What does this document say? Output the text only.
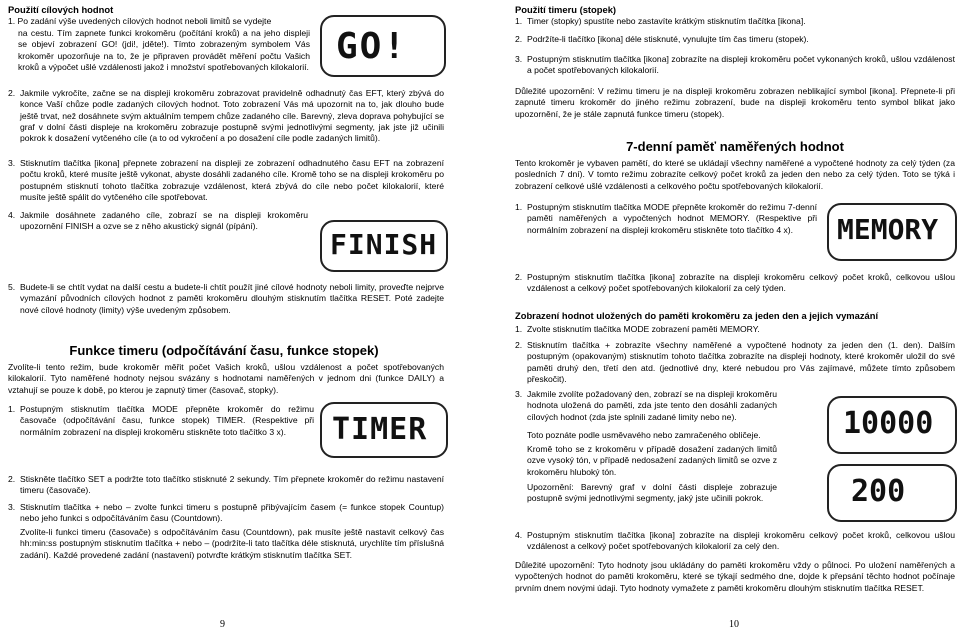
Použití cílových hodnot

1. Po zadání výše uvedených cílových hodnot neboli limitů se vydejte

na cestu. Tím zapnete funkci krokoměru (počítání kroků) a na jeho displeji se objeví zobrazení GO! (jdi!, jděte!). Tímto zobrazeným symbolem Vás krokoměr upozorňuje na to, že je připraven provádět měření počtu Vašich kroků a výpočet ušlé vzdálenosti jakož i množství spotřebovaných kilokalorií.

GO!
2. Jakmile vykročíte, začne se na displeji krokoměru zobrazovat pravidelně odhadnutý čas EFT, který zbývá do konce Vaší chůze podle zadaných cílových hodnot. Toto zobrazení Vás má upozornit na to, jak dlouho bude ještě trvat, než dosáhnete svým aktuálním tempem chůze zadaného cíle. Barevný, zleva doprava pohybující se graf v dolní části displeje na krokoměru zobrazuje postupně svými jednotlivými segmenty, jak jste již učinili pokrok k dosažení vytčeného cíle (a to od vykročení a po dosažení cíle podle zadaných limitů).

3. Stisknutím tlačítka [ikona] přepnete zobrazení na displeji ze zobrazení odhadnutého času EFT na zobrazení počtu kroků, které musíte ještě vykonat, abyste dosáhli zadaného cíle. Kromě toho se na displeji krokoměru po postupném stisknutí tohoto tlačítka zobrazuje vzdálenost, která zbývá do cíle nebo počet kilokalorií, které musíte ještě spálit do vytčeného cíle spotřebovat.

4. Jakmile dosáhnete zadaného cíle, zobrazí se na displeji krokoměru upozornění FINISH a ozve se z něho akustický signál (pípání).

FINISH
5. Budete-li se chtít vydat na další cestu a budete-li chtít použít jiné cílové hodnoty neboli limity, proveďte nejprve vymazání původních cílových hodnot z paměti krokoměru dlouhým stisknutím tlačítka RESET. Poté zadejte nové cílové hodnoty (limity) výše uvedeným způsobem.

Funkce timeru (odpočítávání času, funkce stopek)

Zvolíte-li tento režim, bude krokoměr měřit počet Vašich kroků, ušlou vzdálenost a počet spotřebovaných kilokalorií. Tyto naměřené hodnoty nejsou svázány s hodnotami naměřených v jednom dni (funkce DAILY) a vztahují se pouze k době, po kterou je zapnutý timer (časovač, stopky).

1. Postupným stisknutím tlačítka MODE přepněte krokoměr do režimu časovače (odpočítávání času, funkce stopek) TIMER. (Respektive při normálním zobrazení na displeji krokoměru stiskněte toto tlačítko 3 x).	TIMER
2. Stiskněte tlačítko SET a podržte toto tlačítko stisknuté 2 sekundy. Tím přepnete krokoměr do režimu nastavení timeru (časovače).

3. Stisknutím tlačítka + nebo – zvolte funkci timeru s postupně přibývajícím časem (= funkce stopek Countup) nebo jeho funkci s odpočítáváním času (Countdown).

Zvolíte-li funkci timeru (časovače) s odpočítáváním času (Countdown), pak musíte ještě nastavit celkový čas hh:min:ss postupným stisknutím tlačítka + nebo – (podržíte-li tato tlačítka déle stisknutá, urychlíte tím příslušná zadání). Každé provedené zadání (nastavení) potvrďte krátkým stisknutím tlačítka SET.

9

Použití timeru (stopek)

1. Timer (stopky) spustíte nebo zastavíte krátkým stisknutím tlačítka [ikona].

2. Podržíte-li tlačítko [ikona] déle stisknuté, vynulujte tím čas timeru (stopek).

3. Postupným stisknutím tlačítka [ikona] zobrazíte na displeji krokoměru počet vykonaných kroků, ušlou vzdálenost a počet spotřebovaných kilokalorií.

Důležité upozornění: V režimu timeru je na displeji krokoměru zobrazen neblikající symbol [ikona]. Přepnete-li při zapnuté timeru krokoměr do jiného režimu zobrazení, bude na displeji krokoměru tento symbol blikat jako upozornění, že je stále zapnutá funkce timeru (stopek).

7-denní paměť naměřených hodnot

Tento krokoměr je vybaven pamětí, do které se ukládají všechny naměřené a vypočtené hodnoty za celý týden (za posledních 7 dní). V tomto režimu zobrazíte celkový počet kroků za jeden den nebo za celý týden. Toto se týká i zobrazení celkové ušlé vzdálenosti a celkového počtu spotřebovaných kilokalorií.

1. Postupným stisknutím tlačítka MODE přepněte krokoměr do režimu 7-denní paměti naměřených a vypočtených hodnot MEMORY. (Respektive při normálním zobrazení na displeji krokoměru stiskněte toto tlačítko 4 x).	MEMORY
2. Postupným stisknutím tlačítka [ikona] zobrazíte na displeji krokoměru celkový počet kroků, celkovou ušlou vzdálenost a celkový počet spotřebovaných kilokalorií za celý týden.

Zobrazení hodnot uložených do paměti krokoměru za jeden den a jejich vymazání

1. Zvolte stisknutím tlačítka MODE zobrazení paměti MEMORY.

2. Stisknutím tlačítka + zobrazíte všechny naměřené a vypočtené hodnoty za jeden den (1. den). Dalším postupným (opakovaným) stisknutím tohoto tlačítka zobrazíte na displeji hodnoty, které krokoměr uložil do své paměti druhý den, třetí den atd. (jednotlivé dny, které nebudou pro Vás zajímavé, můžete tímto způsobem přeskočit).

3. Jakmile zvolíte požadovaný den, zobrazí se na displeji krokoměru hodnota uložená do paměti, zda jste tento den dosáhli zadaných cílových hodnot (zda jste splnili zadané limity nebo ne).

Toto poznáte podle usměvavého nebo zamračeného obličeje.

Kromě toho se z krokoměru v případě dosažení zadaných limitů ozve vysoký tón, v případě nedosažení zadaných limitů se ozve z krokoměru hluboký tón.

Upozornění: Barevný graf v dolní části displeje zobrazuje postupně svými jednotlivými segmenty, jaký jste učinili pokrok.

10000
200
4. Postupným stisknutím tlačítka [ikona] zobrazíte na displeji krokoměru celkový počet kroků, celkovou ušlou vzdálenost a celkový počet spotřebovaných kilokalorií za celý den.

Důležité upozornění: Tyto hodnoty jsou ukládány do paměti krokoměru vždy o půlnoci. Po uložení naměřených a vypočtených hodnot do paměti krokoměru, které se týkají sedmého dne, dojde k přepsání těchto hodnot počínaje prvním dnem novými údaji. Tyto hodnoty vymažete z paměti krokoměru dlouhým stisknutím tlačítka RESET.

10
